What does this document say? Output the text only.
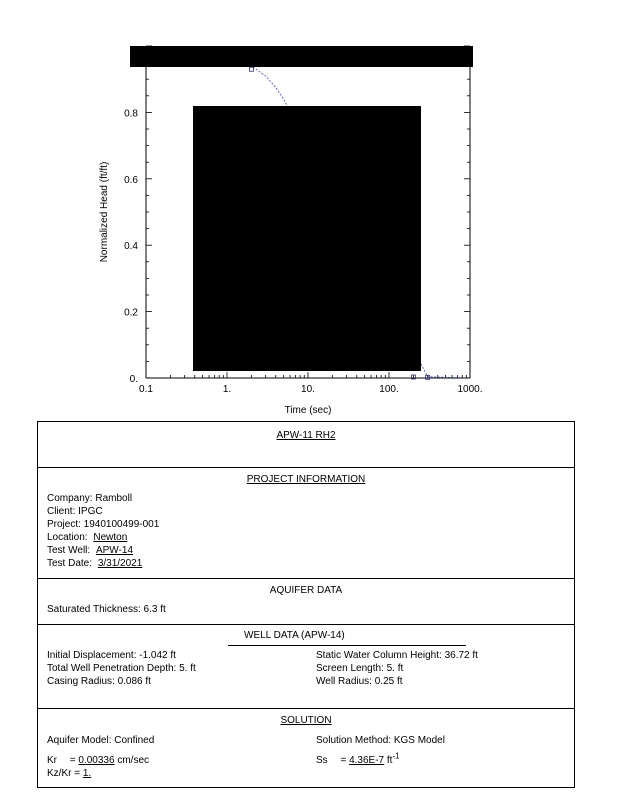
0.1	1.	10.	100.	1000.
0.
0.2
0.4
0.6
0.8
Time (sec)
Normalized Head (ft/ft)
APW-11 RH2
PROJECT INFORMATION
Company: Ramboll
Client: IPGC
Project: 1940100499-001
Location: Newton
Test Well: APW-14
Test Date: 3/31/2021
AQUIFER DATA
Saturated Thickness: 6.3 ft
WELL DATA (APW-14)
Initial Displacement: -1.042 ft	Static Water Column Height: 36.72 ft
Total Well Penetration Depth: 5. ft	Screen Length: 5. ft
Casing Radius: 0.086 ft	Well Radius: 0.25 ft
SOLUTION
Aquifer Model: Confined	Solution Method: KGS Model
Kr = 0.00336 cm/sec	Ss = 4.36E-7 $ft^{-1}$
Kz/Kr = 1.
